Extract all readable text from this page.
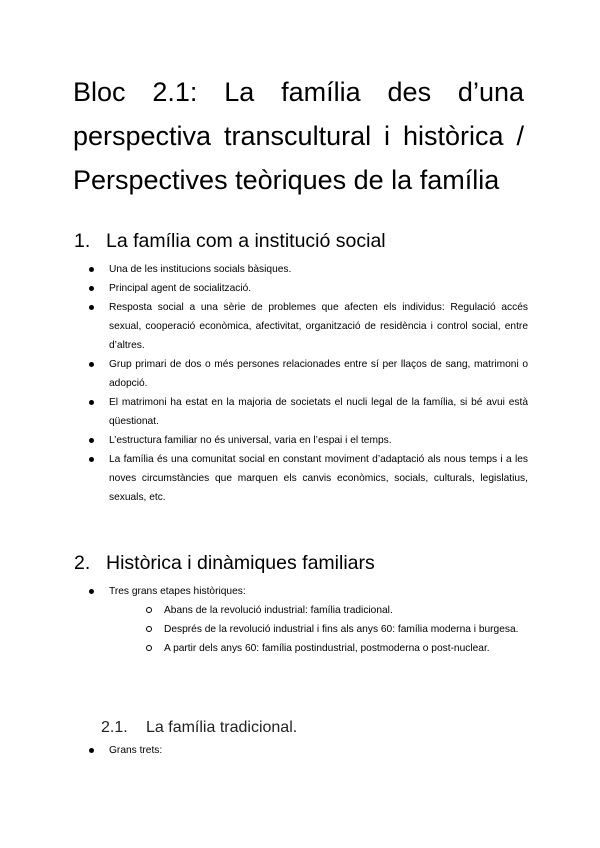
Bloc 2.1: La família des d’una
perspectiva transcultural i històrica /
Perspectives teòriques de la família
1. La família com a institució social
Una de les institucions socials bàsiques.
Principal agent de socialització.
Resposta social a una sèrie de problemes que afecten els individus: Regulació accés sexual, cooperació econòmica, afectivitat, organització de residència i control social, entre d’altres.
Grup primari de dos o més persones relacionades entre sí per llaços de sang, matrimoni o adopció.
El matrimoni ha estat en la majoria de societats el nucli legal de la família, si bé avui està qüestionat.
L’estructura familiar no és universal, varia en l’espai i el temps.
La família és una comunitat social en constant moviment d’adaptació als nous temps i a les noves circumstàncies que marquen els canvis econòmics, socials, culturals, legislatius, sexuals, etc.
2. Històrica i dinàmiques familiars
Tres grans etapes històriques:
Abans de la revolució industrial: família tradicional.
Després de la revolució industrial i fins als anys 60: família moderna i burgesa.
A partir dels anys 60: família postindustrial, postmoderna o post-nuclear.
2.1. La família tradicional.
Grans trets:
